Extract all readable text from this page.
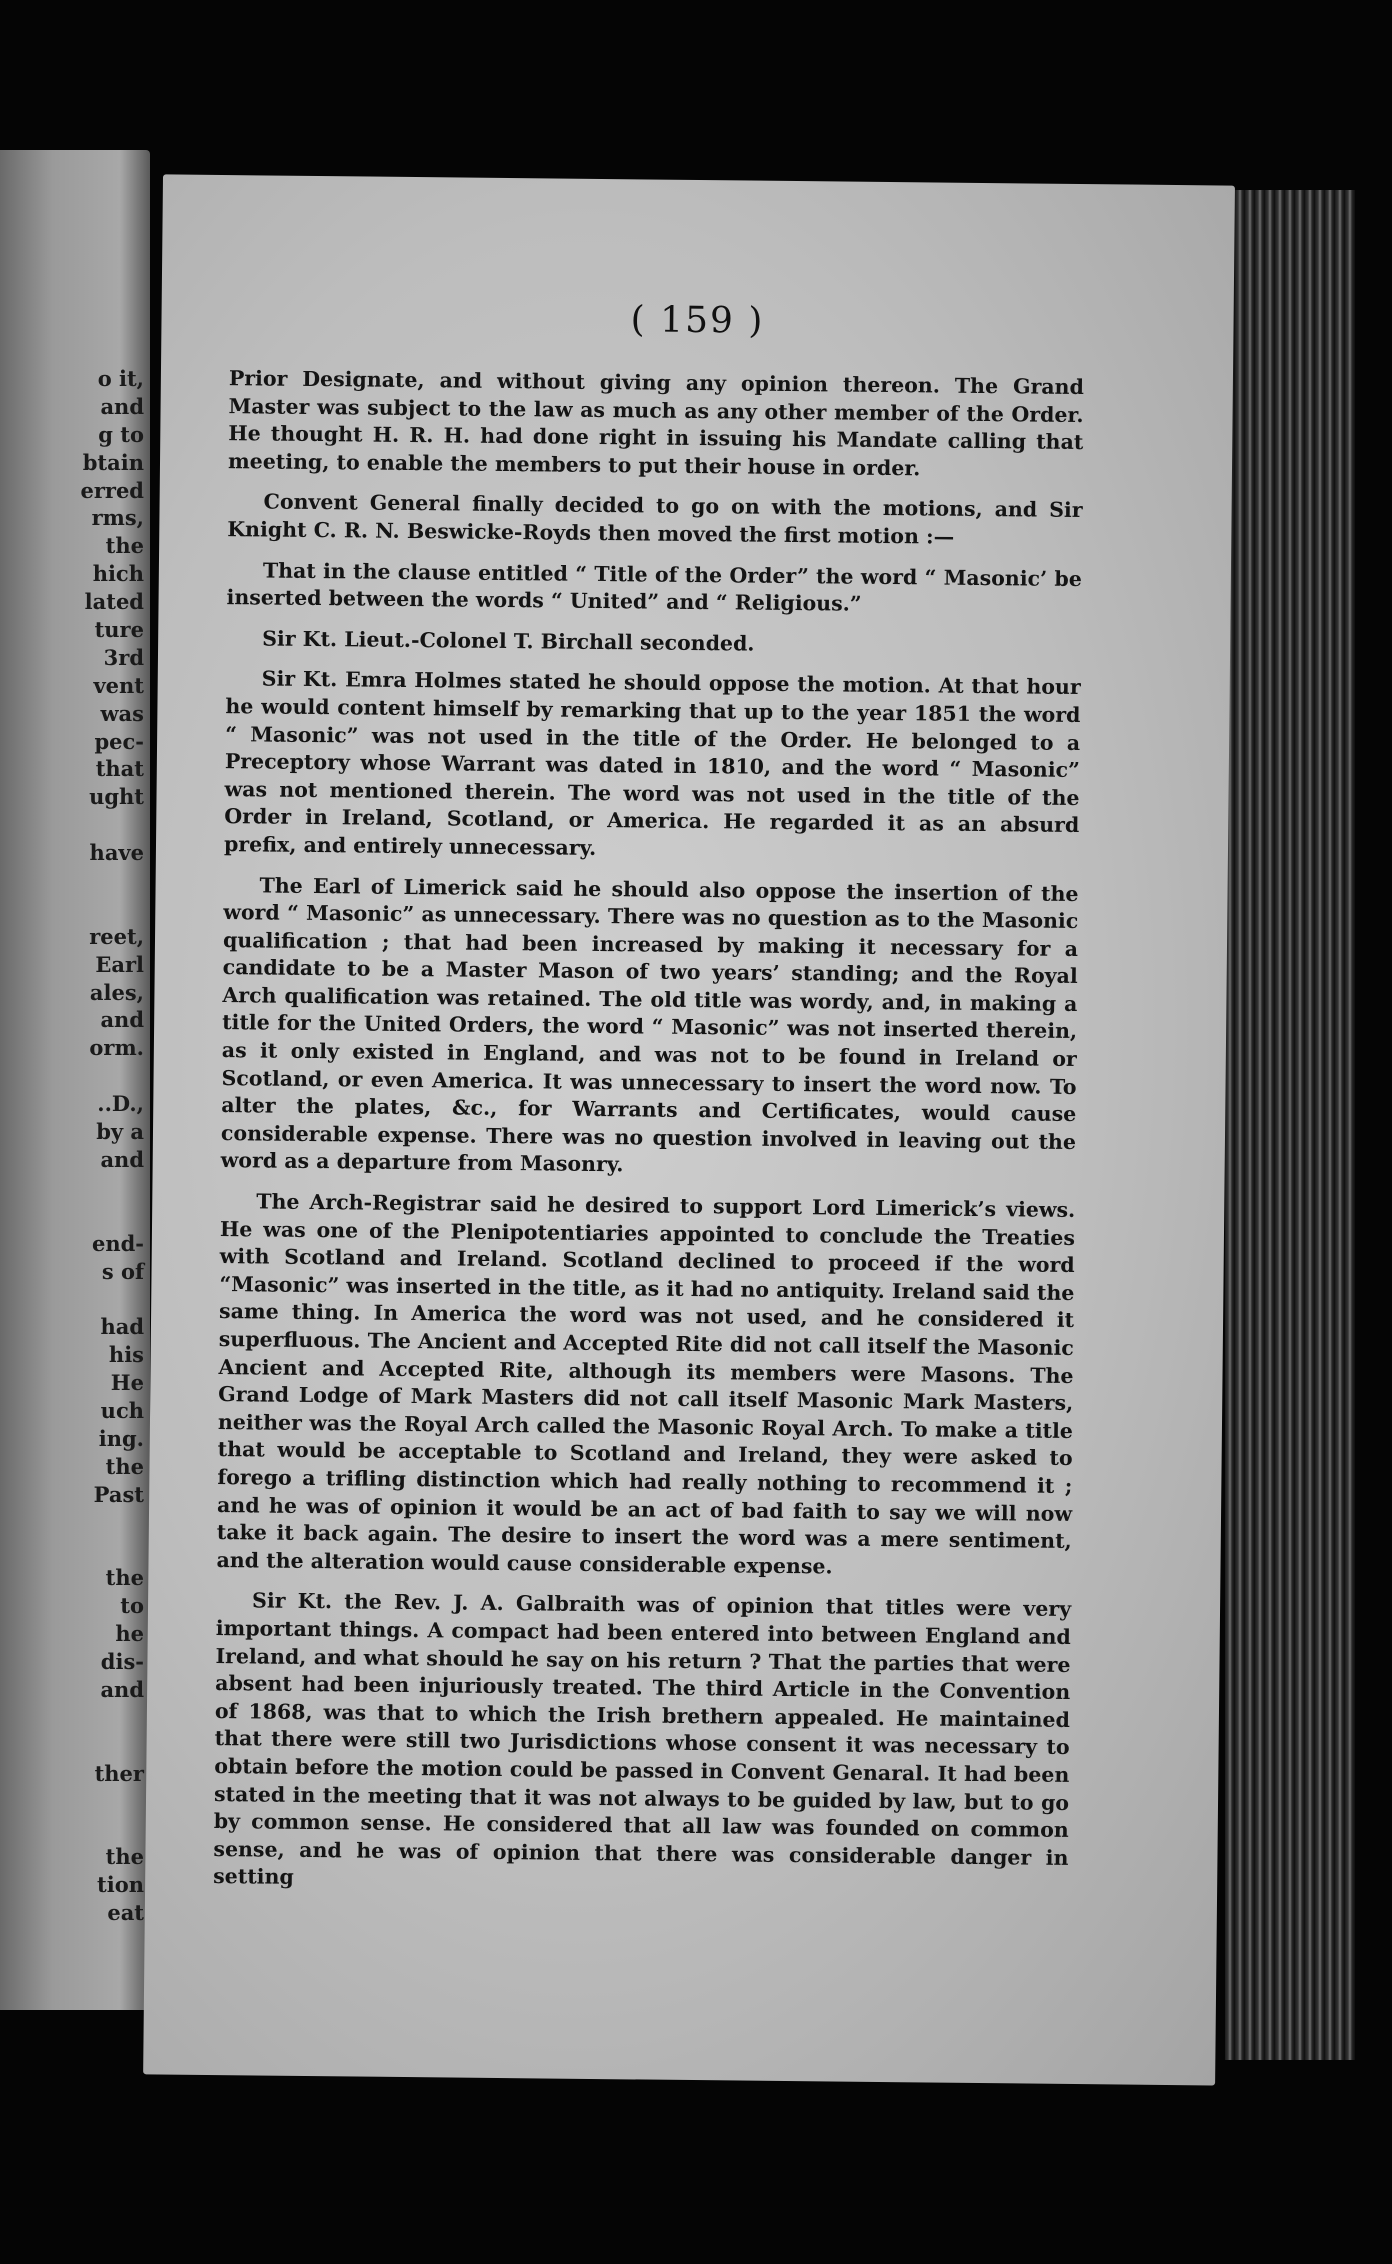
o it,
and
g to
btain
erred
rms,
the
hich
lated
ture
3rd
vent
was
pec-
that
ught
have
reet,
Earl
ales,
and
orm.
..D.,
by a
and
end-
s of
had
his
He
uch
ing.
the
Past
the
to
he
dis-
and
ther
the
tion
eat
( 159 )

Prior Designate, and without giving any opinion thereon. The Grand Master was subject to the law as much as any other member of the Order. He thought H. R. H. had done right in issuing his Mandate calling that meeting, to enable the members to put their house in order.

Convent General finally decided to go on with the motions, and Sir Knight C. R. N. Beswicke-Royds then moved the first motion :—

That in the clause entitled “ Title of the Order” the word “ Masonic’ be inserted between the words “ United” and “ Religious.”

Sir Kt. Lieut.-Colonel T. Birchall seconded.

Sir Kt. Emra Holmes stated he should oppose the motion. At that hour he would content himself by remarking that up to the year 1851 the word “ Masonic” was not used in the title of the Order. He belonged to a Preceptory whose Warrant was dated in 1810, and the word “ Masonic” was not mentioned therein. The word was not used in the title of the Order in Ireland, Scotland, or America. He regarded it as an absurd prefix, and entirely unnecessary.

The Earl of Limerick said he should also oppose the insertion of the word “ Masonic” as unnecessary. There was no question as to the Masonic qualification ; that had been increased by making it necessary for a candidate to be a Master Mason of two years’ standing; and the Royal Arch qualification was retained. The old title was wordy, and, in making a title for the United Orders, the word “ Masonic” was not inserted therein, as it only existed in England, and was not to be found in Ireland or Scotland, or even America. It was unnecessary to insert the word now. To alter the plates, &c., for Warrants and Certificates, would cause considerable expense. There was no question involved in leaving out the word as a departure from Masonry.

The Arch-Registrar said he desired to support Lord Limerick’s views. He was one of the Plenipotentiaries appointed to conclude the Treaties with Scotland and Ireland. Scotland declined to proceed if the word “Masonic” was inserted in the title, as it had no antiquity. Ireland said the same thing. In America the word was not used, and he considered it superfluous. The Ancient and Accepted Rite did not call itself the Masonic Ancient and Accepted Rite, although its members were Masons. The Grand Lodge of Mark Masters did not call itself Masonic Mark Masters, neither was the Royal Arch called the Masonic Royal Arch. To make a title that would be acceptable to Scotland and Ireland, they were asked to forego a trifling distinction which had really nothing to recommend it ; and he was of opinion it would be an act of bad faith to say we will now take it back again. The desire to insert the word was a mere sentiment, and the alteration would cause considerable expense.

Sir Kt. the Rev. J. A. Galbraith was of opinion that titles were very important things. A compact had been entered into between England and Ireland, and what should he say on his return ? That the parties that were absent had been injuriously treated. The third Article in the Convention of 1868, was that to which the Irish brethern appealed. He maintained that there were still two Jurisdictions whose consent it was necessary to obtain before the motion could be passed in Convent Genaral. It had been stated in the meeting that it was not always to be guided by law, but to go by common sense. He considered that all law was founded on common sense, and he was of opinion that there was considerable danger in setting
